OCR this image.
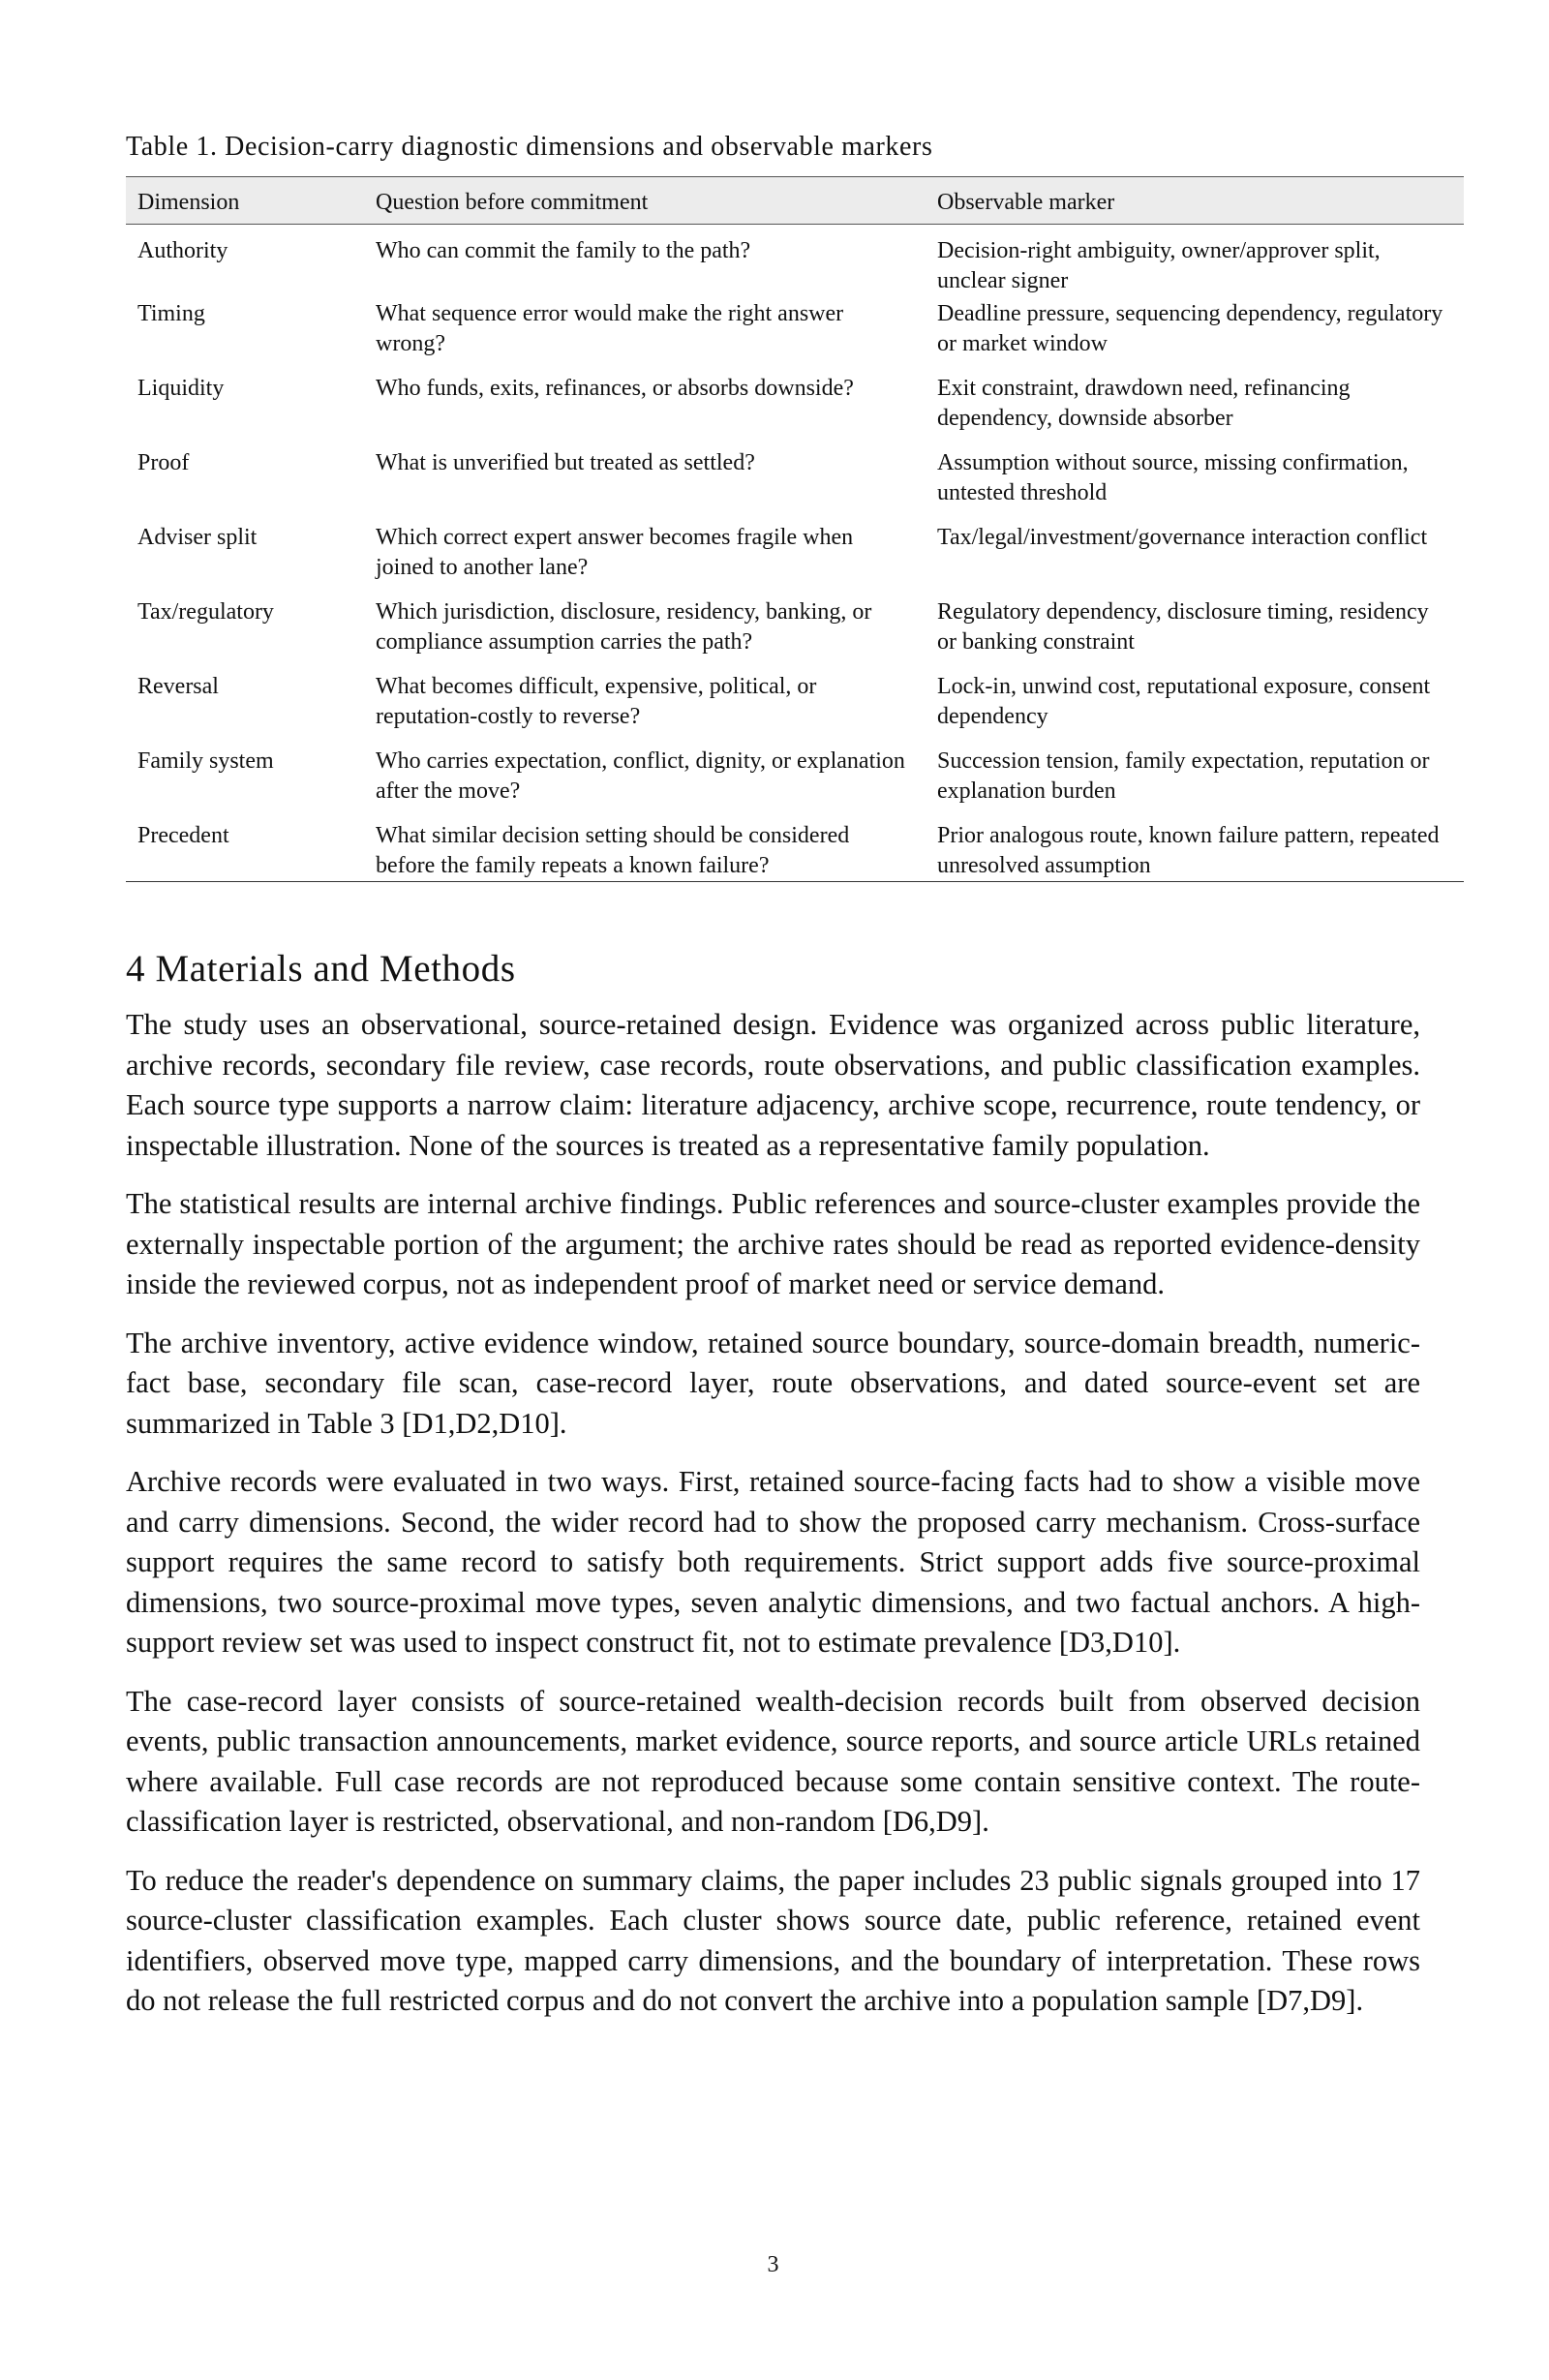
Table 1. Decision-carry diagnostic dimensions and observable markers
Dimension	Question before commitment	Observable marker
Authority	Who can commit the family to the path?	Decision-right ambiguity, owner/approver split, unclear signer
Timing	What sequence error would make the right answer wrong?	Deadline pressure, sequencing dependency, regulatory or market window
Liquidity	Who funds, exits, refinances, or absorbs downside?	Exit constraint, drawdown need, refinancing dependency, downside absorber
Proof	What is unverified but treated as settled?	Assumption without source, missing confirmation, untested threshold
Adviser split	Which correct expert answer becomes fragile when joined to another lane?	Tax/legal/investment/governance interaction conflict
Tax/regulatory	Which jurisdiction, disclosure, residency, banking, or compliance assumption carries the path?	Regulatory dependency, disclosure timing, residency or banking constraint
Reversal	What becomes difficult, expensive, political, or reputation-costly to reverse?	Lock-in, unwind cost, reputational exposure, consent dependency
Family system	Who carries expectation, conflict, dignity, or explanation after the move?	Succession tension, family expectation, reputation or explanation burden
Precedent	What similar decision setting should be considered before the family repeats a known failure?	Prior analogous route, known failure pattern, repeated unresolved assumption
4 Materials and Methods

The study uses an observational, source-retained design. Evidence was organized across public literature, archive records, secondary file review, case records, route observations, and public classification examples. Each source type supports a narrow claim: literature adjacency, archive scope, recurrence, route tendency, or inspectable illustration. None of the sources is treated as a representative family population.

The statistical results are internal archive findings. Public references and source-cluster examples provide the externally inspectable portion of the argument; the archive rates should be read as reported evidence-density inside the reviewed corpus, not as independent proof of market need or service demand.

The archive inventory, active evidence window, retained source boundary, source-domain breadth, numeric-fact base, secondary file scan, case-record layer, route observations, and dated source-event set are summarized in Table 3 [D1,D2,D10].

Archive records were evaluated in two ways. First, retained source-facing facts had to show a visible move and carry dimensions. Second, the wider record had to show the proposed carry mechanism. Cross-surface support requires the same record to satisfy both requirements. Strict support adds five source-proximal dimensions, two source-proximal move types, seven analytic dimensions, and two factual anchors. A high-support review set was used to inspect construct fit, not to estimate prevalence [D3,D10].

The case-record layer consists of source-retained wealth-decision records built from observed decision events, public transaction announcements, market evidence, source reports, and source article URLs retained where available. Full case records are not reproduced because some contain sensitive context. The route-classification layer is restricted, observational, and non-random [D6,D9].

To reduce the reader's dependence on summary claims, the paper includes 23 public signals grouped into 17 source-cluster classification examples. Each cluster shows source date, public reference, retained event identifiers, observed move type, mapped carry dimensions, and the boundary of interpretation. These rows do not release the full restricted corpus and do not convert the archive into a population sample [D7,D9].

3
